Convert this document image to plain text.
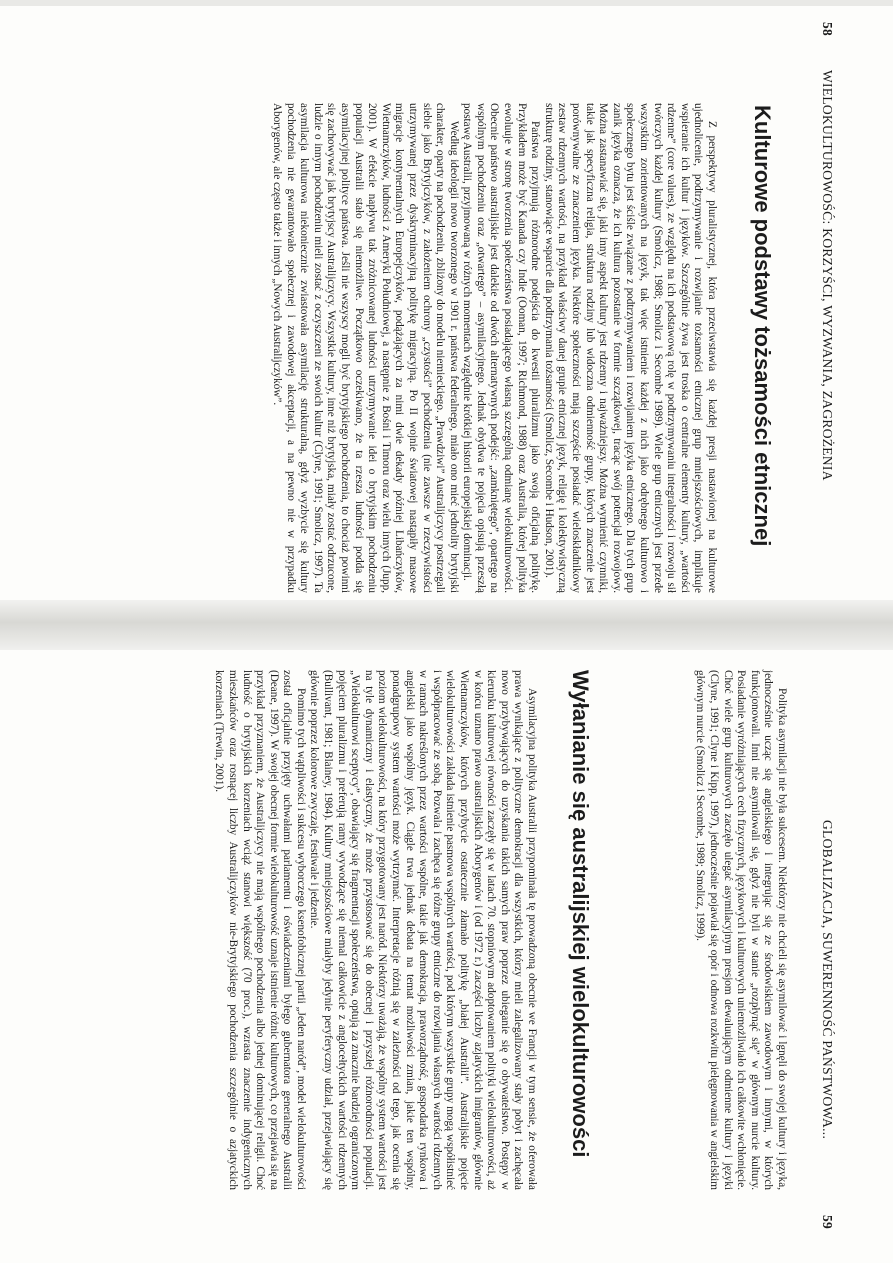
58
WIELOKULTUROWOŚĆ: KORZYŚCI, WYZWANIA, ZAGROŻENIA
Kulturowe podstawy tożsamości etnicznej

Z perspektywy pluralistycznej, która przeciwstawia się każdej presji nastawionej na kulturowe ujednolicenie, podtrzymywanie i rozwijanie tożsamości etnicznej grup mniejszościowych, implikuje wspieranie ich kultur i języków. Szczególnie żywa jest troska o centralne elementy kultury, „wartości rdzenne” (core values), ze względu na ich podstawową rolę w podtrzymywaniu integralności i rozwoju sił twórczych każdej kultury (Smolicz, 1988; Smolicz i Secombe 1989). Wiele grup etnicznych jest przede wszystkim zorientowanych na język, tak więc istnienie każdej z nich jako odrębnego kulturowo i społecznego bytu jest ściśle związane z podtrzymywaniem i rozwijaniem języka etnicznego. Dla tych grup zanik języka oznacza, że ich kultura pozostanie w formie szczątkowej, tracąc swój potencjał rozwojowy. Można zastanawiać się, jaki inny aspekt kultury jest rdzenny i najważniejszy. Można wymienić czynniki, takie jak specyficzna religia, struktura rodziny lub widoczna odmienność grupy, których znaczenie jest porównywalne ze znaczeniem języka. Niektóre społeczności mają szczęście posiadać wieloskładnikowy zestaw rdzennych wartości, na przykład właściwy danej grupie etnicznej język, religię i kolektywistyczną strukturę rodziny, stanowiące wsparcie dla podtrzymania tożsamości (Smolicz, Secombe i Hudson, 2001).

Państwa przyjmują różnorodne podejścia do kwestii pluralizmu jako swoją oficjalną politykę. Przykładem może być Kanada czy Indie (Ooman, 1997; Richmond, 1988) oraz Australia, której polityka ewoluuje w stronę tworzenia społeczeństwa posiadającego własną szczególną odmianę wielokulturowości. Obecnie państwo australijskie jest dalekie od dwóch alternatywnych podejść: „zamkniętego”, opartego na wspólnym pochodzeniu oraz „otwartego” – asymilacyjnego. Jednak obydwa te pojęcia opisują przeszłą postawę Australii, przyjmowaną w różnych momentach względnie krótkiej historii europejskiej dominacji.

Według ideologii nowo tworzonego w 1901 r. państwa federalnego, miało ono mieć jednolity brytyjski charakter, oparty na pochodzeniu, zbliżony do modelu niemieckiego. „Prawdziwi” Australijczycy postrzegali siebie jako Brytyjczyków, z założeniem ochrony „czystości” pochodzenia (nie zawsze w rzeczywistości utrzymywanej przez dyskryminacyjną politykę migracyjną. Po II wojnie światowej nastąpiły masowe migracje kontynentalnych Europejczyków, podążających za nimi dwie dekady później Libańczyków, Wietnamczyków, ludności z Ameryki Południowej, a następnie z Bośni i Timoru oraz wielu innych (Jupp, 2001). W efekcie napływu tak zróżnicowanej ludności utrzymywanie idei o brytyjskim pochodzeniu populacji Australii stało się niemożliwe. Początkowo oczekiwano, że ta rzesza ludności podda się asymilacyjnej polityce państwa. Jeśli nie wszyscy mogli być brytyjskiego pochodzenia, to chociaż powinni się zachowywać jak brytyjscy Australijczycy. Wszystkie kultury, inne niż brytyjska, miały zostać odrzucone, ludzie o innym pochodzeniu mieli zostać z oczyszczeni ze swoich kultur (Clyne, 1991; Smolicz, 1997). Ta asymilacja kulturowa niekoniecznie zwiastowała asymilację strukturalną, gdyż wyzbycie się kultury pochodzenia nie gwarantowało społecznej i zawodowej akceptacji, a na pewno nie w przypadku Aborygenów, ale często także i innych „Nowych Australijczyków”.

GLOBALIZACJA, SUWERENNOŚĆ PAŃSTWOWA...
59

Polityka asymilacji nie była sukcesem. Niektórzy nie chcieli się asymilować i lgnęli do swojej kultury i języka, jednocześnie ucząc się angielskiego i integrując się ze środowiskiem zawodowym i innymi, w których funkcjonowali. Inni nie asymilowali się, gdyż nie byli w stanie „rozpłynąć się” w głównym nurcie kultury. Posiadanie wyróżniających cech fizycznych, językowych i kulturowych uniemożliwiało ich całkowite wchłonięcie. Choć wiele grup kulturowych zaczęło ulegać asymilacyjnym presjom dewaluującym odmienne kultury i języki (Clyne, 1991; Clyne i Kipp, 1997), jednocześnie pojawiał się opór i odnowa rozkwitu pielęgnowania w angielskim głównym nurcie (Smolicz i Secombe, 1989; Smolicz, 1999).

Wyłanianie się australijskiej wielokulturowości

Asymilacyjna polityka Australii przypominała tę prowadzoną obecnie we Francji w tym sensie, że oferowała prawa wynikające z polityczne demokracji dla wszystkich, którzy mieli zalegalizowany stały pobyt i zachęcała nowo przybywających do uzyskania takich samych praw poprzez ubieganie się o obywatelstwo. Postępy w kierunku kulturowej równości zaczęły się w latach 70. stopniowym adoptowaniem polityki wielokulturowości, aż w końcu uznano prawo australijskich Aborygenów i (od 1972 r.) zaczęści liczby azjatyckich imigrantów, głównie Wietnamczyków, których przybycie ostatecznie złamało politykę „białej Australii”. Australijskie pojęcie wielokulturowości zakłada istnienie pasmowa wspólnych wartości, pod którym wszystkie grupy mogą współistnieć i współpracować ze sobą. Pozwala i zachęca się różne grupy etniczne do rozwijania własnych wartości rdzennych w ramach nakreślonych przez wartości wspólne, takie jak demokracja, praworządność, gospodarka rynkowa i angielski jako wspólny język. Ciągle trwa jednak debata na temat możliwości zmian, jakie ten wspólny, ponadgrupowy system wartości może wytrzymać. Interpretacje różnią się w zależności od tego, jak ocenia się poziom wielokulturowości, na który przygotowany jest naród. Niektórzy uważają, że wspólny system wartości jest na tyle dynamiczny i elastyczny, że może przystosować się do obecnej i przyszłej różnorodności populacji. „Wielokulturowi sceptycy”, obawiający się fragmentacji społeczeństwa, optują za znacznie bardziej ograniczonym pojęciem pluralizmu i preferują ramy wywodzące się niemal całkowicie z anglocełtyckich wartości rdzennych (Bullivant, 1981; Blainey, 1984). Kultury mniejszościowe miałyby jedynie peryferyczny udział, przejawiający się głównie poprzez kolorowe zwyczaje, festiwale i jedzenie.

Pomimo tych wątpliwości i sukcesu wyborczego ksenofobicznej partii „Jeden naród”, model wielokulturowości został oficjalnie przyjęty uchwałami parlamentu i oświadczeniami byłego gubernatora generalnego Australii (Deane, 1997). W swojej obecnej formie wielokulturowość uznaje istnienie różnic kulturowych, co przejawia się na przykład przyznaniem, że Australijczycy nie mają wspólnego pochodzenia albo jednej dominującej religii. Choć ludność o brytyjskich korzeniach wciąż stanowi większość (70 proc.), wzrasta znaczenie indygenicznych mieszkańców oraz rosnącej liczby Australijczyków nie-Brytyjskiego pochodzenia szczególnie o azjatyckich korzeniach (Trewin, 2001).
